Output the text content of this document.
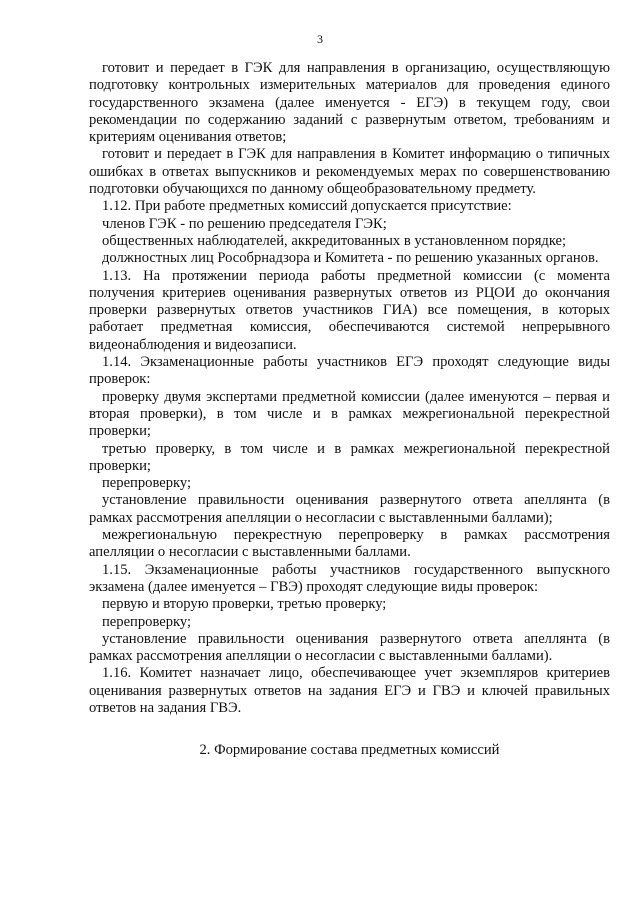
3

готовит и передает в ГЭК для направления в организацию, осуществляющую подготовку контрольных измерительных материалов для проведения единого государственного экзамена (далее именуется - ЕГЭ) в текущем году, свои рекомендации по содержанию заданий с развернутым ответом, требованиям и критериям оценивания ответов;

готовит и передает в ГЭК для направления в Комитет информацию о типичных ошибках в ответах выпускников и рекомендуемых мерах по совершенствованию подготовки обучающихся по данному общеобразовательному предмету.

1.12. При работе предметных комиссий допускается присутствие:

членов ГЭК - по решению председателя ГЭК;

общественных наблюдателей, аккредитованных в установленном порядке;

должностных лиц Рособрнадзора и Комитета - по решению указанных органов.

1.13. На протяжении периода работы предметной комиссии (с момента получения критериев оценивания развернутых ответов из РЦОИ до окончания проверки развернутых ответов участников ГИА) все помещения, в которых работает предметная комиссия, обеспечиваются системой непрерывного видеонаблюдения и видеозаписи.

1.14. Экзаменационные работы участников ЕГЭ проходят следующие виды проверок:

проверку двумя экспертами предметной комиссии (далее именуются – первая и вторая проверки), в том числе и в рамках межрегиональной перекрестной проверки;

третью проверку, в том числе и в рамках межрегиональной перекрестной проверки;

перепроверку;

установление правильности оценивания развернутого ответа апеллянта (в рамках рассмотрения апелляции о несогласии с выставленными баллами);

межрегиональную перекрестную перепроверку в рамках рассмотрения апелляции о несогласии с выставленными баллами.

1.15. Экзаменационные работы участников государственного выпускного экзамена (далее именуется – ГВЭ) проходят следующие виды проверок:

первую и вторую проверки, третью проверку;

перепроверку;

установление правильности оценивания развернутого ответа апеллянта (в рамках рассмотрения апелляции о несогласии с выставленными баллами).

1.16. Комитет назначает лицо, обеспечивающее учет экземпляров критериев оценивания развернутых ответов на задания ЕГЭ и ГВЭ и ключей правильных ответов на задания ГВЭ.

2. Формирование состава предметных комиссий
